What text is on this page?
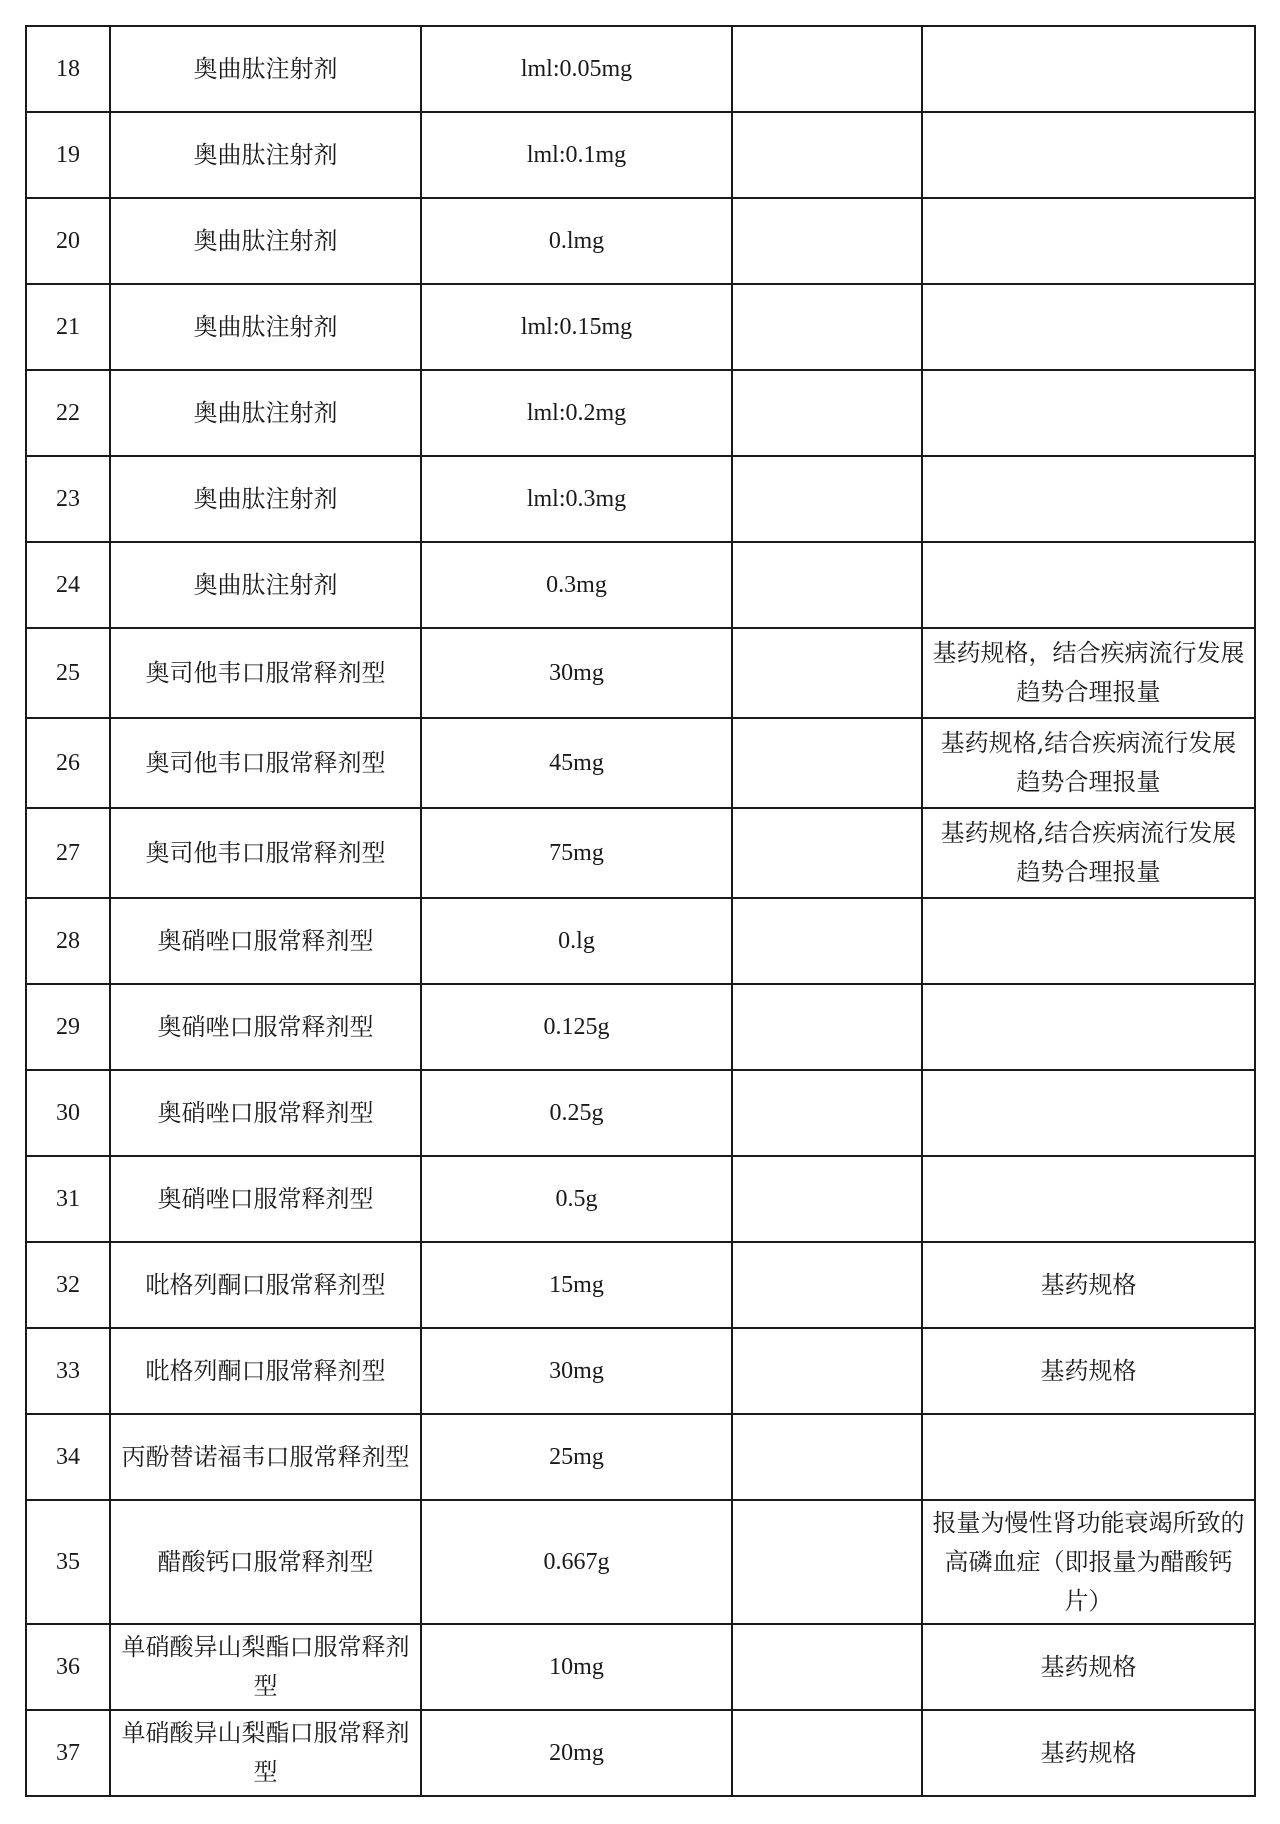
18	奥曲肽注射剂	lml:0.05mg		
19	奥曲肽注射剂	lml:0.1mg		
20	奥曲肽注射剂	0.lmg		
21	奥曲肽注射剂	lml:0.15mg		
22	奥曲肽注射剂	lml:0.2mg		
23	奥曲肽注射剂	lml:0.3mg		
24	奥曲肽注射剂	0.3mg		
25	奥司他韦口服常释剂型	30mg		基药规格，结合疾病流行发展趋势合理报量
26	奥司他韦口服常释剂型	45mg		基药规格,结合疾病流行发展趋势合理报量
27	奥司他韦口服常释剂型	75mg		基药规格,结合疾病流行发展趋势合理报量
28	奥硝唑口服常释剂型	0.lg		
29	奥硝唑口服常释剂型	0.125g		
30	奥硝唑口服常释剂型	0.25g		
31	奥硝唑口服常释剂型	0.5g		
32	吡格列酮口服常释剂型	15mg		基药规格
33	吡格列酮口服常释剂型	30mg		基药规格
34	丙酚替诺福韦口服常释剂型	25mg		
35	醋酸钙口服常释剂型	0.667g		报量为慢性肾功能衰竭所致的高磷血症（即报量为醋酸钙片）
36	单硝酸异山梨酯口服常释剂型	10mg		基药规格
37	单硝酸异山梨酯口服常释剂型	20mg		基药规格
